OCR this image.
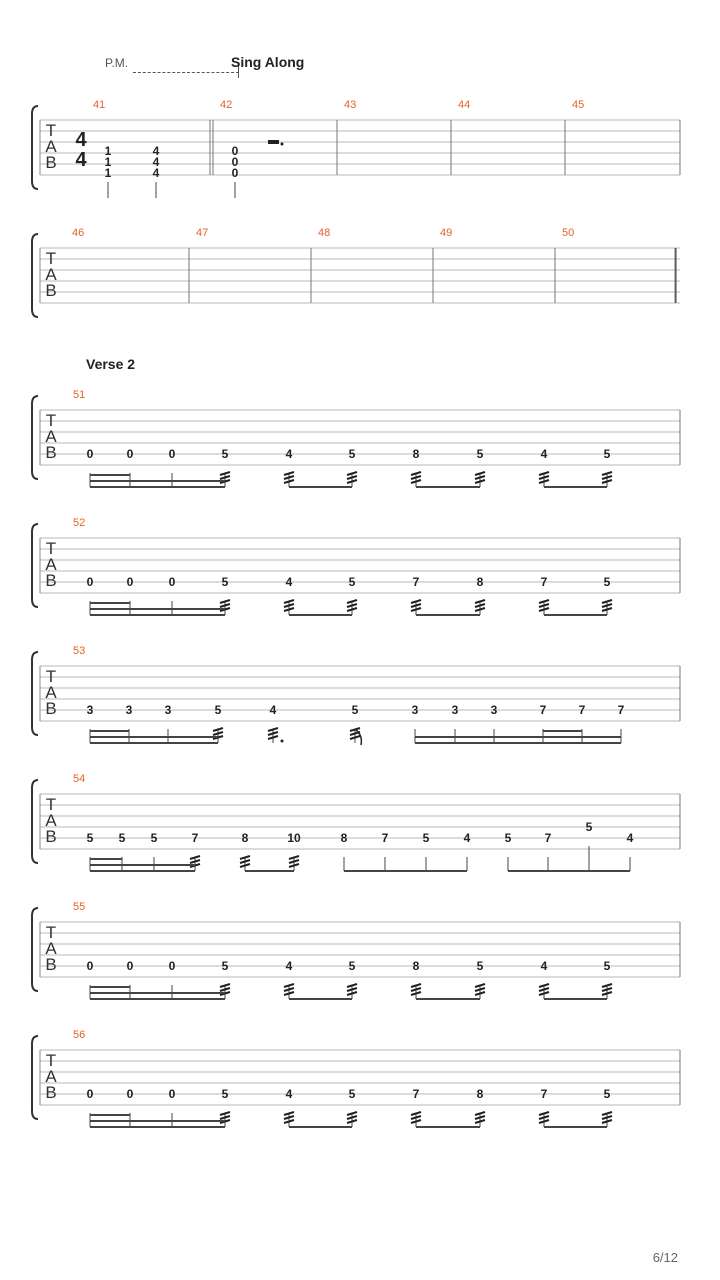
P.M.	Sing Along
Verse 2
T
A
B
41	42	43	44	45
4
4 1
1
1
4
4
4
0
0
0
T
A
B
46	47	48	49	50
T
A
B
51
0	0	0	5	4	5	8	5	4	5
T
A
B
52
0	0	0	5	4	5	7	8	7	5
T
A
B
53
3	3	3	5	4	5	3	3	3	7	7	7
T
A
B
54
5 5 5	7	8	10	8	7	5	4	5	7
5
4
T
A
B
55
0	0	0	5	4	5	8	5	4	5
T
A
B
56
0	0	0	5	4	5	7	8	7	5
6/12
